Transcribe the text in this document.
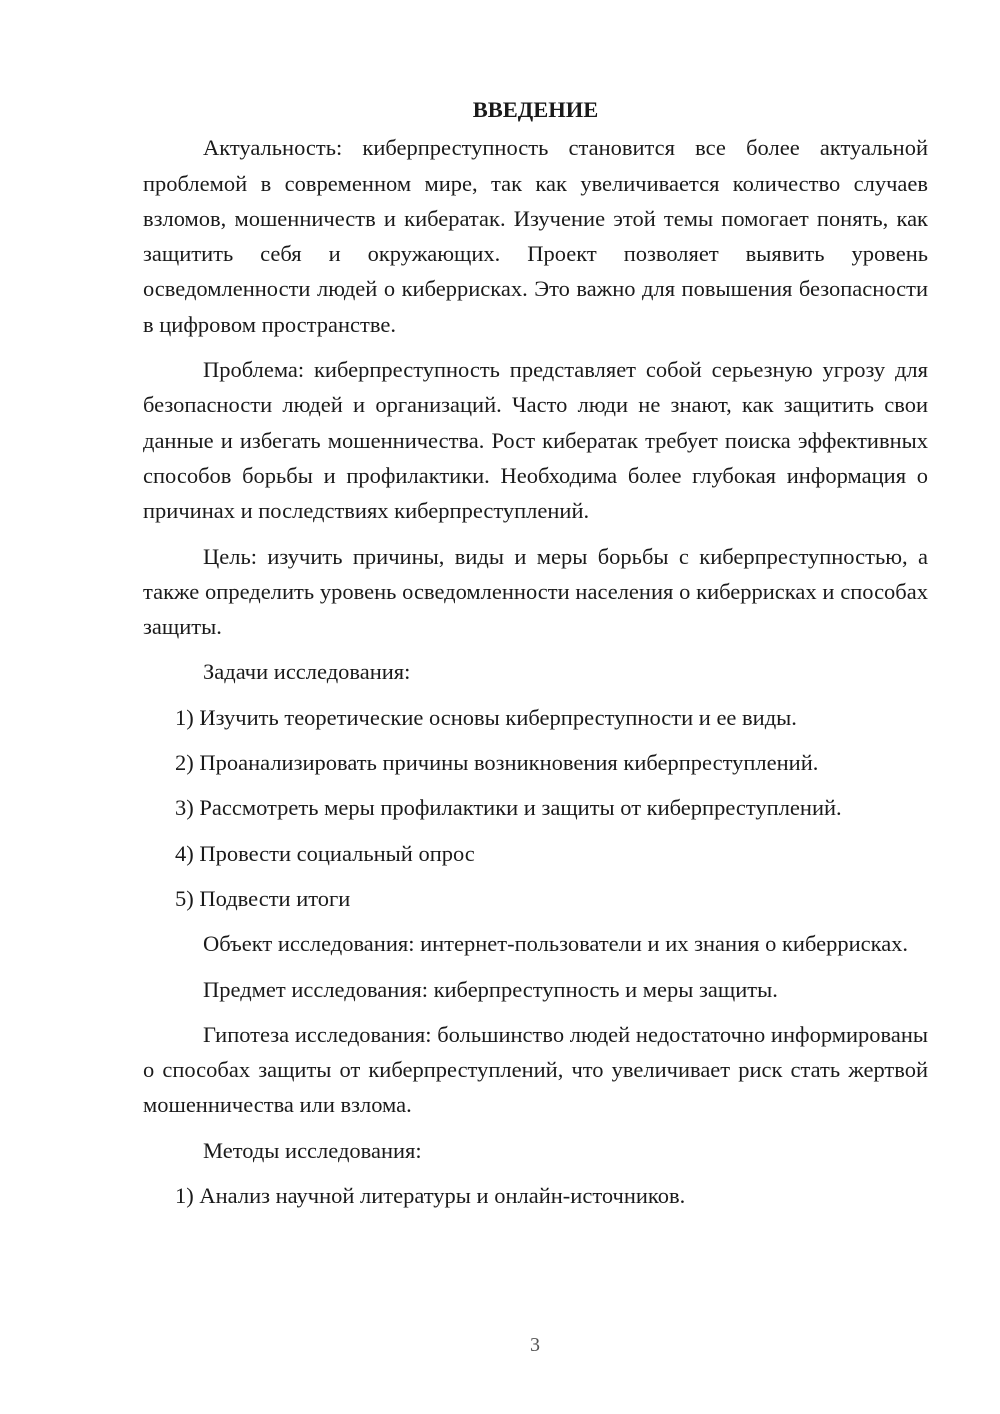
ВВЕДЕНИЕ

Актуальность: киберпреступность становится все более актуальной проблемой в современном мире, так как увеличивается количество случаев взломов, мошенничеств и кибератак. Изучение этой темы помогает понять, как защитить себя и окружающих. Проект позволяет выявить уровень осведомленности людей о киберрисках. Это важно для повышения безопасности в цифровом пространстве.

Проблема: киберпреступность представляет собой серьезную угрозу для безопасности людей и организаций. Часто люди не знают, как защитить свои данные и избегать мошенничества. Рост кибератак требует поиска эффективных способов борьбы и профилактики. Необходима более глубокая информация о причинах и последствиях киберпреступлений.

Цель: изучить причины, виды и меры борьбы с киберпреступностью, а также определить уровень осведомленности населения о киберрисках и способах защиты.

Задачи исследования:

1) Изучить теоретические основы киберпреступности и ее виды.

2) Проанализировать причины возникновения киберпреступлений.

3) Рассмотреть меры профилактики и защиты от киберпреступлений.

4) Провести социальный опрос

5) Подвести итоги

Объект исследования: интернет-пользователи и их знания о киберрисках.

Предмет исследования: киберпреступность и меры защиты.

Гипотеза исследования: большинство людей недостаточно информированы о способах защиты от киберпреступлений, что увеличивает риск стать жертвой мошенничества или взлома.

Методы исследования:

1) Анализ научной литературы и онлайн-источников.

3
